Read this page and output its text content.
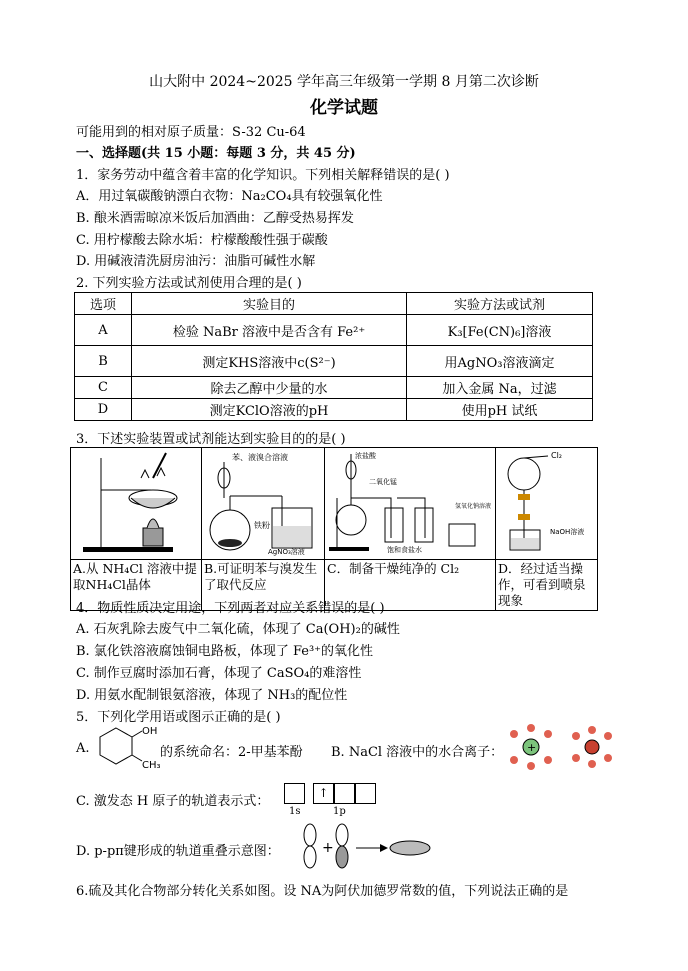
山大附中 2024~2025 学年高三年级第一学期 8 月第二次诊断
化学试题
可能用到的相对原子质量：S-32 Cu-64
一、选择题(共 15 小题：每题 3 分，共 45 分)
1．家务劳动中蕴含着丰富的化学知识。下列相关解释错误的是( )
A．用过氧碳酸钠漂白衣物：Na₂CO₄具有较强氧化性
B. 酿米酒需晾凉米饭后加酒曲：乙醇受热易挥发
C. 用柠檬酸去除水垢：柠檬酸酸性强于碳酸
D. 用碱液清洗厨房油污：油脂可碱性水解
2. 下列实验方法或试剂使用合理的是( )
选项	实验目的	实验方法或试剂
A	检验 NaBr 溶液中是否含有 Fe²⁺	K₃[Fe(CN)₆]溶液
B	测定KHS溶液中c(S²⁻)	用AgNO₃溶液滴定
C	除去乙醇中少量的水	加入金属 Na，过滤
D	测定KClO溶液的pH	使用pH 试纸
3．下述实验装置或试剂能达到实验目的的是( )

苯、液溴合溶液
铁粉
AgNO₃溶液	浓盐酸
二氧化锰
饱和食盐水
氢氧化钠溶液	Cl₂
NaOH溶液

A.从 NH₄Cl 溶液中提取NH₄Cl晶体	B.可证明苯与溴发生了取代反应	C．制备干燥纯净的 Cl₂	D．经过适当操作，可看到喷泉现象
4．物质性质决定用途，下列两者对应关系错误的是( )
A. 石灰乳除去废气中二氧化硫，体现了 Ca(OH)₂的碱性
B. 氯化铁溶液腐蚀铜电路板，体现了 Fe³⁺的氧化性
C. 制作豆腐时添加石膏，体现了 CaSO₄的难溶性
D. 用氨水配制银氨溶液，体现了 NH₃的配位性
5．下列化学用语或图示正确的是( )
A.
OH
CH₃
的系统命名：2-甲基苯酚 B. NaCl 溶液中的水合离子： +
C. 激发态 H 原子的轨道表示式：
↑
1s	1p
D. p-pπ键形成的轨道重叠示意图：	+
6.硫及其化合物部分转化关系如图。设 NA为阿伏加德罗常数的值，下列说法正确的是
